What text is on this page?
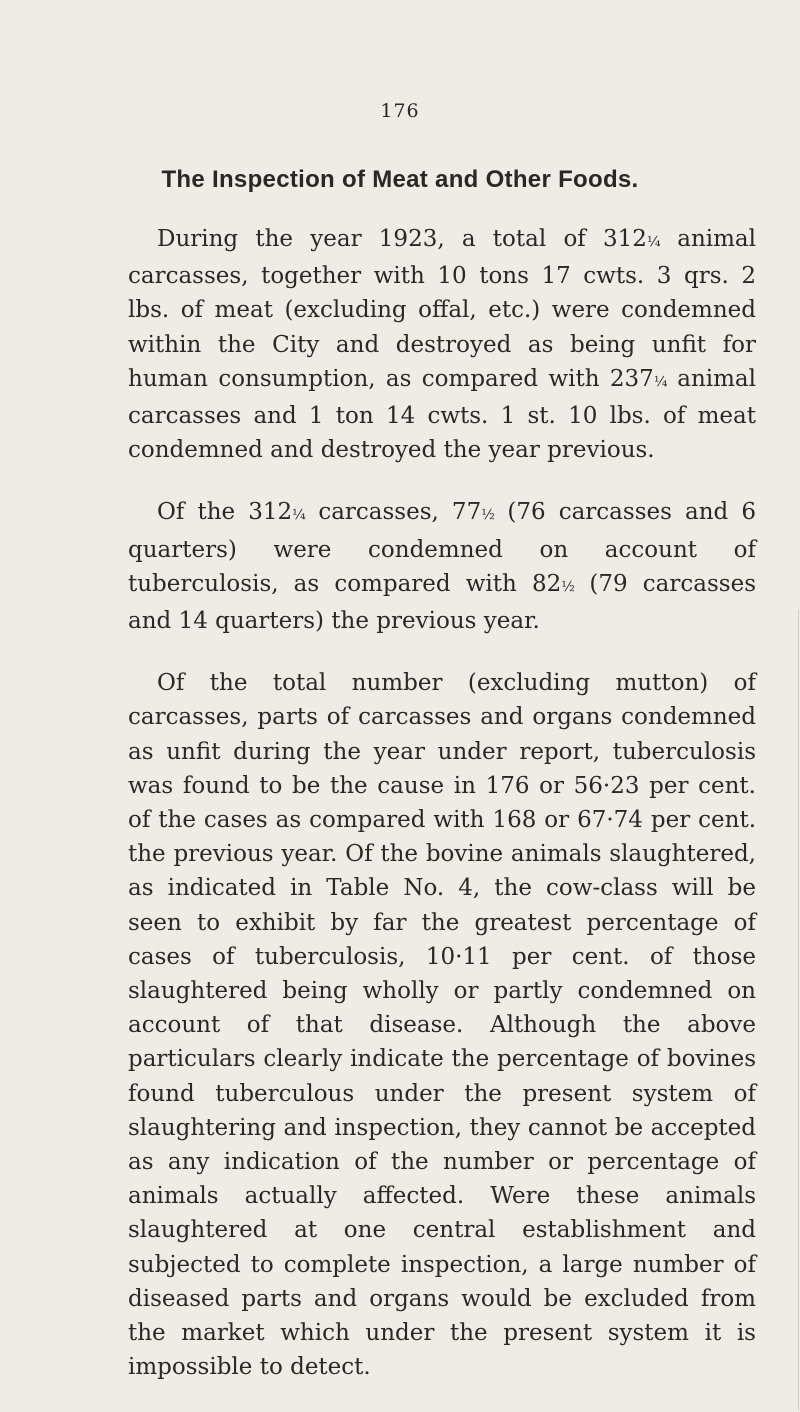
176
The Inspection of Meat and Other Foods.

During the year 1923, a total of 312¼ animal carcasses, together with 10 tons 17 cwts. 3 qrs. 2 lbs. of meat (excluding offal, etc.) were condemned within the City and destroyed as being unfit for human consumption, as compared with 237¼ animal carcasses and 1 ton 14 cwts. 1 st. 10 lbs. of meat condemned and destroyed the year previous.

Of the 312¼ carcasses, 77½ (76 carcasses and 6 quarters) were condemned on account of tuberculosis, as compared with 82½ (79 carcasses and 14 quarters) the previous year.

Of the total number (excluding mutton) of carcasses, parts of carcasses and organs condemned as unfit during the year under report, tuberculosis was found to be the cause in 176 or 56·23 per cent. of the cases as compared with 168 or 67·74 per cent. the previous year. Of the bovine animals slaughtered, as indicated in Table No. 4, the cow-class will be seen to exhibit by far the greatest percentage of cases of tuberculosis, 10·11 per cent. of those slaughtered being wholly or partly condemned on account of that disease. Although the above particulars clearly indicate the percentage of bovines found tuberculous under the present system of slaughtering and inspection, they cannot be accepted as any indication of the number or percentage of animals actually affected. Were these animals slaughtered at one central establishment and subjected to complete inspection, a large number of diseased parts and organs would be excluded from the market which under the present system it is impossible to detect.
